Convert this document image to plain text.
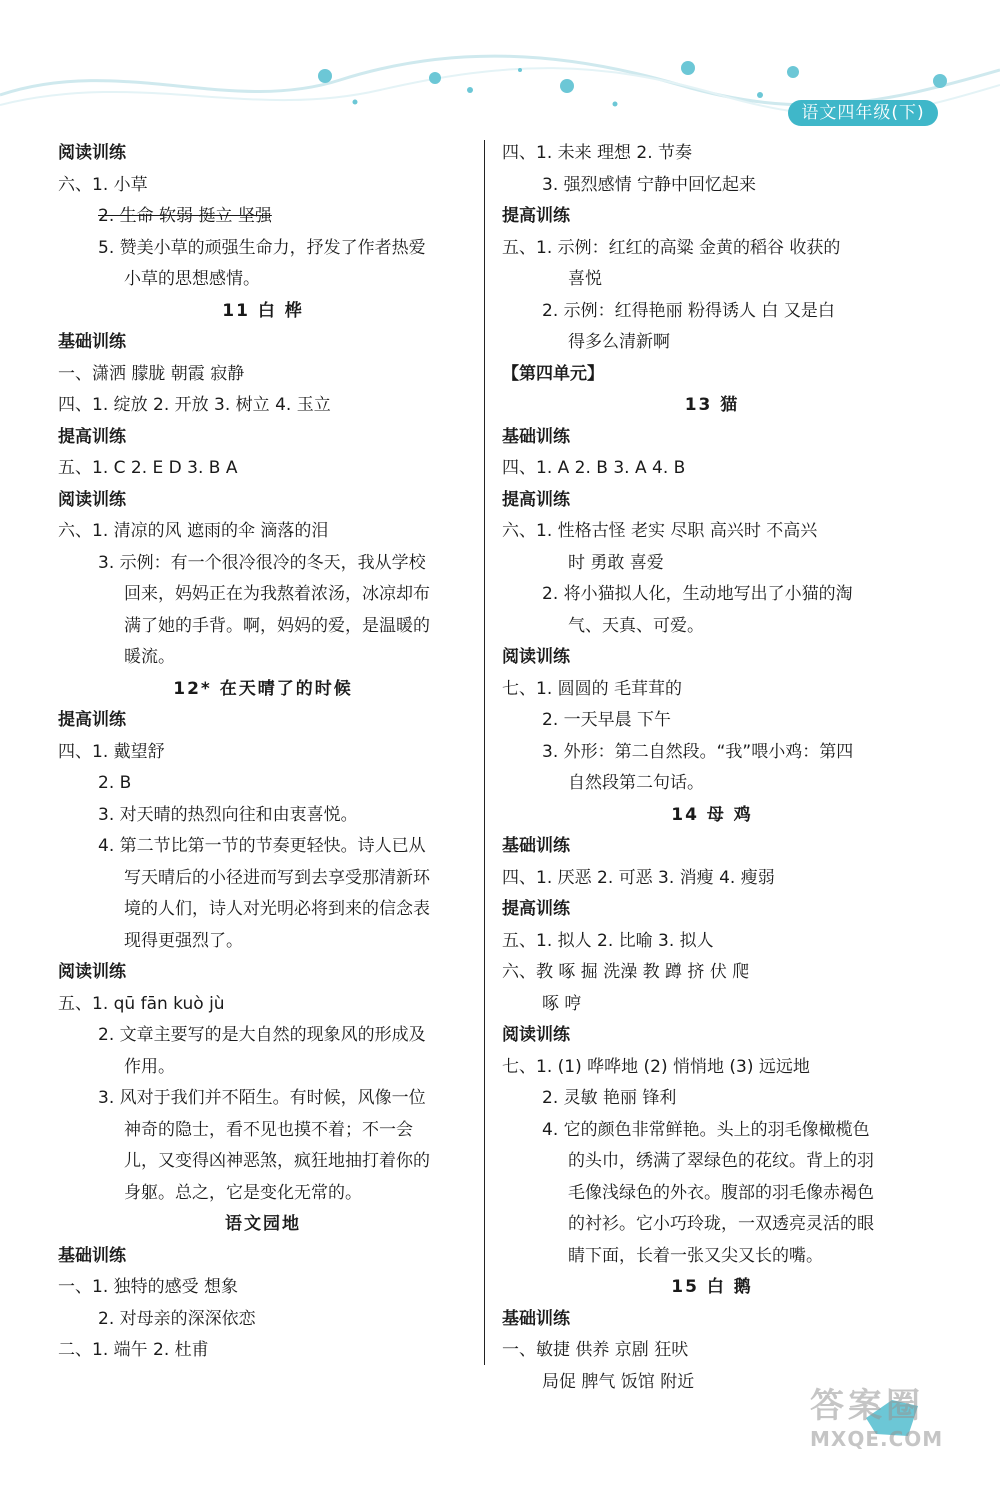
语文四年级(下)

阅读训练

六、1. 小草

2. 生命 软弱 挺立 坚强

5. 赞美小草的顽强生命力，抒发了作者热爱

小草的思想感情。

11 白 桦

基础训练

一、潇洒 朦胧 朝霞 寂静

四、1. 绽放 2. 开放 3. 树立 4. 玉立

提高训练

五、1. C 2. E D 3. B A

阅读训练

六、1. 清凉的风 遮雨的伞 滴落的泪

3. 示例：有一个很冷很冷的冬天，我从学校

回来，妈妈正在为我熬着浓汤，冰凉却布

满了她的手背。啊，妈妈的爱，是温暖的

暖流。

12* 在天晴了的时候

提高训练

四、1. 戴望舒

2. B

3. 对天晴的热烈向往和由衷喜悦。

4. 第二节比第一节的节奏更轻快。诗人已从

写天晴后的小径进而写到去享受那清新环

境的人们，诗人对光明必将到来的信念表

现得更强烈了。

阅读训练

五、1. qū fān kuò jù

2. 文章主要写的是大自然的现象风的形成及

作用。

3. 风对于我们并不陌生。有时候，风像一位

神奇的隐士，看不见也摸不着；不一会

儿，又变得凶神恶煞，疯狂地抽打着你的

身躯。总之，它是变化无常的。

语文园地

基础训练

一、1. 独特的感受 想象

2. 对母亲的深深依恋

二、1. 端午 2. 杜甫

四、1. 未来 理想 2. 节奏

3. 强烈感情 宁静中回忆起来

提高训练

五、1. 示例：红红的高粱 金黄的稻谷 收获的

喜悦

2. 示例：红得艳丽 粉得诱人 白 又是白

得多么清新啊

【第四单元】

13 猫

基础训练

四、1. A 2. B 3. A 4. B

提高训练

六、1. 性格古怪 老实 尽职 高兴时 不高兴

时 勇敢 喜爱

2. 将小猫拟人化，生动地写出了小猫的淘

气、天真、可爱。

阅读训练

七、1. 圆圆的 毛茸茸的

2. 一天早晨 下午

3. 外形：第二自然段。“我”喂小鸡：第四

自然段第二句话。

14 母 鸡

基础训练

四、1. 厌恶 2. 可恶 3. 消瘦 4. 瘦弱

提高训练

五、1. 拟人 2. 比喻 3. 拟人

六、教 啄 掘 洗澡 教 蹲 挤 伏 爬

啄 哼

阅读训练

七、1. (1) 哗哗地 (2) 悄悄地 (3) 远远地

2. 灵敏 艳丽 锋利

4. 它的颜色非常鲜艳。头上的羽毛像橄榄色

的头巾，绣满了翠绿色的花纹。背上的羽

毛像浅绿色的外衣。腹部的羽毛像赤褐色

的衬衫。它小巧玲珑，一双透亮灵活的眼

睛下面，长着一张又尖又长的嘴。

15 白 鹅

基础训练

一、敏捷 供养 京剧 狂吠

局促 脾气 饭馆 附近

答案圈
MXQE.COM
